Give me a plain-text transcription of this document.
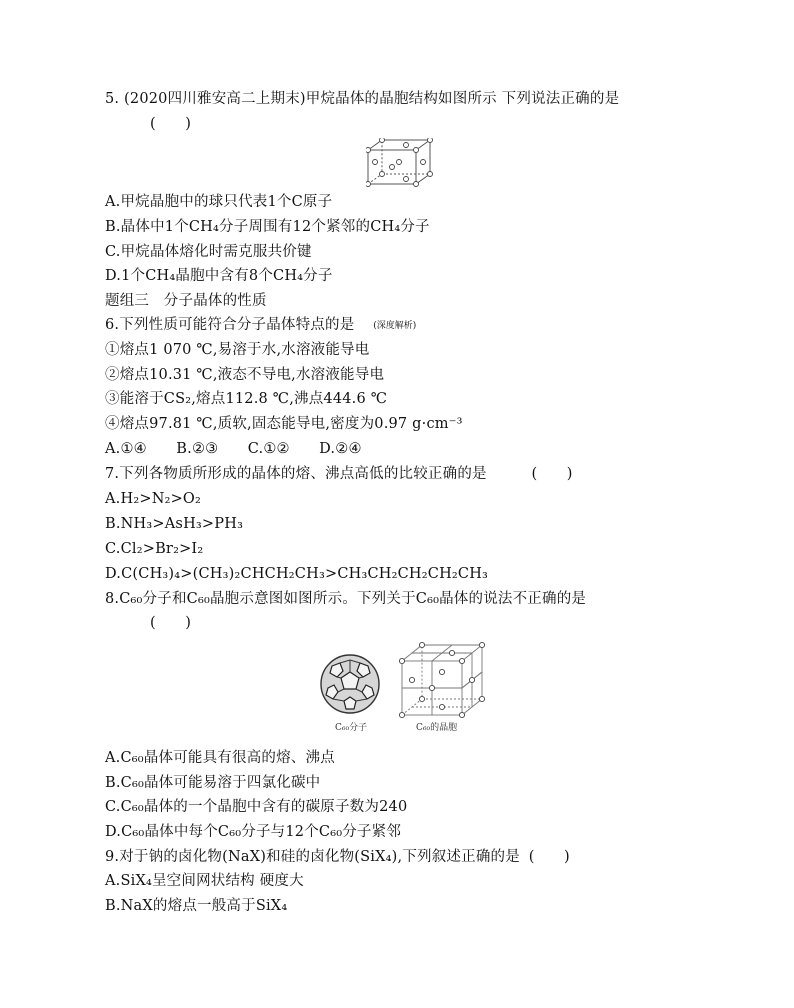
5. (2020四川雅安高二上期末)甲烷晶体的晶胞结构如图所示 下列说法正确的是
(　　)
A.甲烷晶胞中的球只代表1个C原子
B.晶体中1个CH₄分子周围有12个紧邻的CH₄分子
C.甲烷晶体熔化时需克服共价键
D.1个CH₄晶胞中含有8个CH₄分子
题组三　分子晶体的性质
6.下列性质可能符合分子晶体特点的是 (深度解析)
①熔点1 070 ℃,易溶于水,水溶液能导电
②熔点10.31 ℃,液态不导电,水溶液能导电
③能溶于CS₂,熔点112.8 ℃,沸点444.6 ℃
④熔点97.81 ℃,质软,固态能导电,密度为0.97 g·cm⁻³
A.①④　　B.②③　　C.①②　　D.②④
7.下列各物质所形成的晶体的熔、沸点高低的比较正确的是	(　　)
A.H₂>N₂>O₂
B.NH₃>AsH₃>PH₃
C.Cl₂>Br₂>I₂
D.C(CH₃)₄>(CH₃)₂CHCH₂CH₃>CH₃CH₂CH₂CH₂CH₃
8.C₆₀分子和C₆₀晶胞示意图如图所示。下列关于C₆₀晶体的说法不正确的是
(　　)
C₆₀分子	C₆₀的晶胞
A.C₆₀晶体可能具有很高的熔、沸点
B.C₆₀晶体可能易溶于四氯化碳中
C.C₆₀晶体的一个晶胞中含有的碳原子数为240
D.C₆₀晶体中每个C₆₀分子与12个C₆₀分子紧邻
9.对于钠的卤化物(NaX)和硅的卤化物(SiX₄),下列叙述正确的是 (　　)
A.SiX₄呈空间网状结构 硬度大
B.NaX的熔点一般高于SiX₄
